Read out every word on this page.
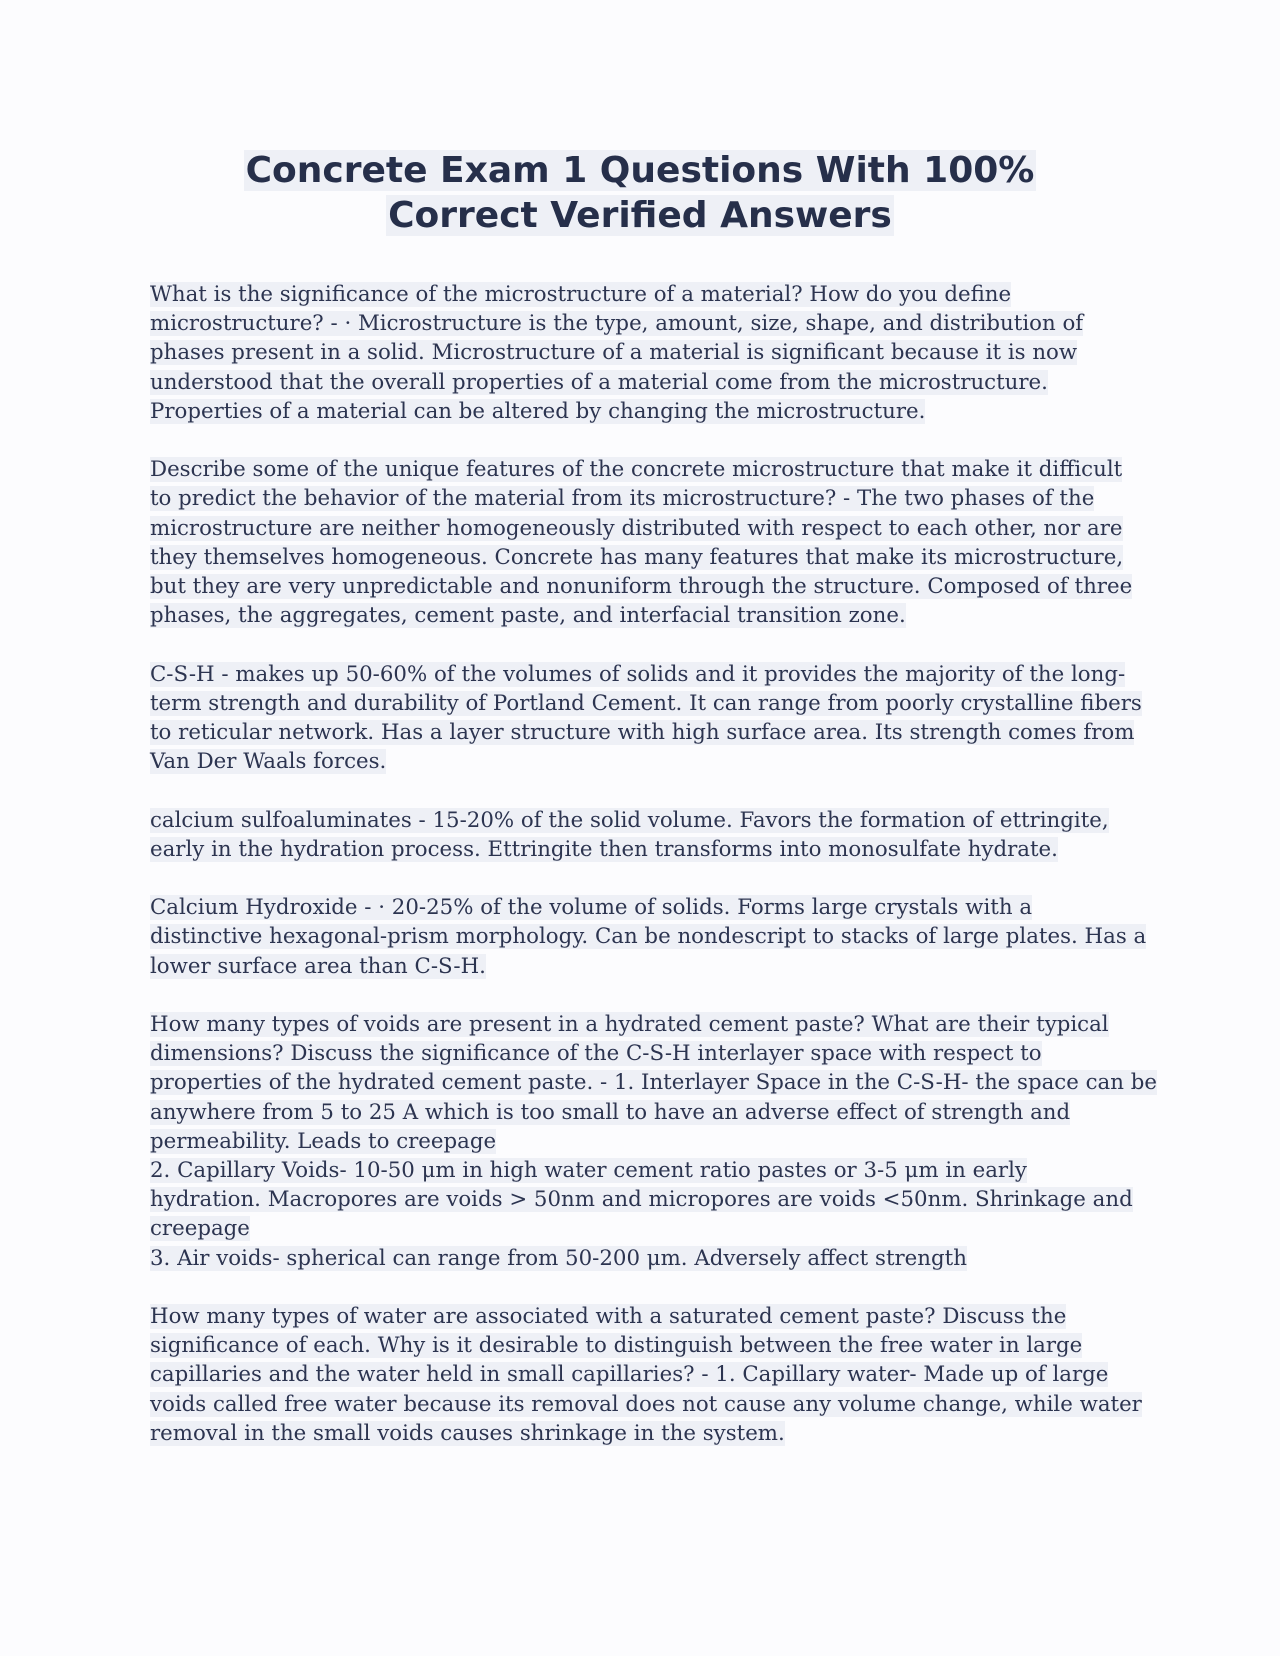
Concrete Exam 1 Questions With 100%
Correct Verified Answers
What is the significance of the microstructure of a material? How do you define
microstructure? - · Microstructure is the type, amount, size, shape, and distribution of
phases present in a solid. Microstructure of a material is significant because it is now
understood that the overall properties of a material come from the microstructure.
Properties of a material can be altered by changing the microstructure.
Describe some of the unique features of the concrete microstructure that make it difficult
to predict the behavior of the material from its microstructure? - The two phases of the
microstructure are neither homogeneously distributed with respect to each other, nor are
they themselves homogeneous. Concrete has many features that make its microstructure,
but they are very unpredictable and nonuniform through the structure. Composed of three
phases, the aggregates, cement paste, and interfacial transition zone.
C-S-H - makes up 50-60% of the volumes of solids and it provides the majority of the long-
term strength and durability of Portland Cement. It can range from poorly crystalline fibers
to reticular network. Has a layer structure with high surface area. Its strength comes from
Van Der Waals forces.
calcium sulfoaluminates - 15-20% of the solid volume. Favors the formation of ettringite,
early in the hydration process. Ettringite then transforms into monosulfate hydrate.
Calcium Hydroxide - · 20-25% of the volume of solids. Forms large crystals with a
distinctive hexagonal-prism morphology. Can be nondescript to stacks of large plates. Has a
lower surface area than C-S-H.
How many types of voids are present in a hydrated cement paste? What are their typical
dimensions? Discuss the significance of the C-S-H interlayer space with respect to
properties of the hydrated cement paste. - 1. Interlayer Space in the C-S-H- the space can be
anywhere from 5 to 25 A which is too small to have an adverse effect of strength and
permeability. Leads to creepage
2. Capillary Voids- 10-50 μm in high water cement ratio pastes or 3-5 μm in early
hydration. Macropores are voids > 50nm and micropores are voids <50nm. Shrinkage and
creepage
3. Air voids- spherical can range from 50-200 μm. Adversely affect strength
How many types of water are associated with a saturated cement paste? Discuss the
significance of each. Why is it desirable to distinguish between the free water in large
capillaries and the water held in small capillaries? - 1. Capillary water- Made up of large
voids called free water because its removal does not cause any volume change, while water
removal in the small voids causes shrinkage in the system.
